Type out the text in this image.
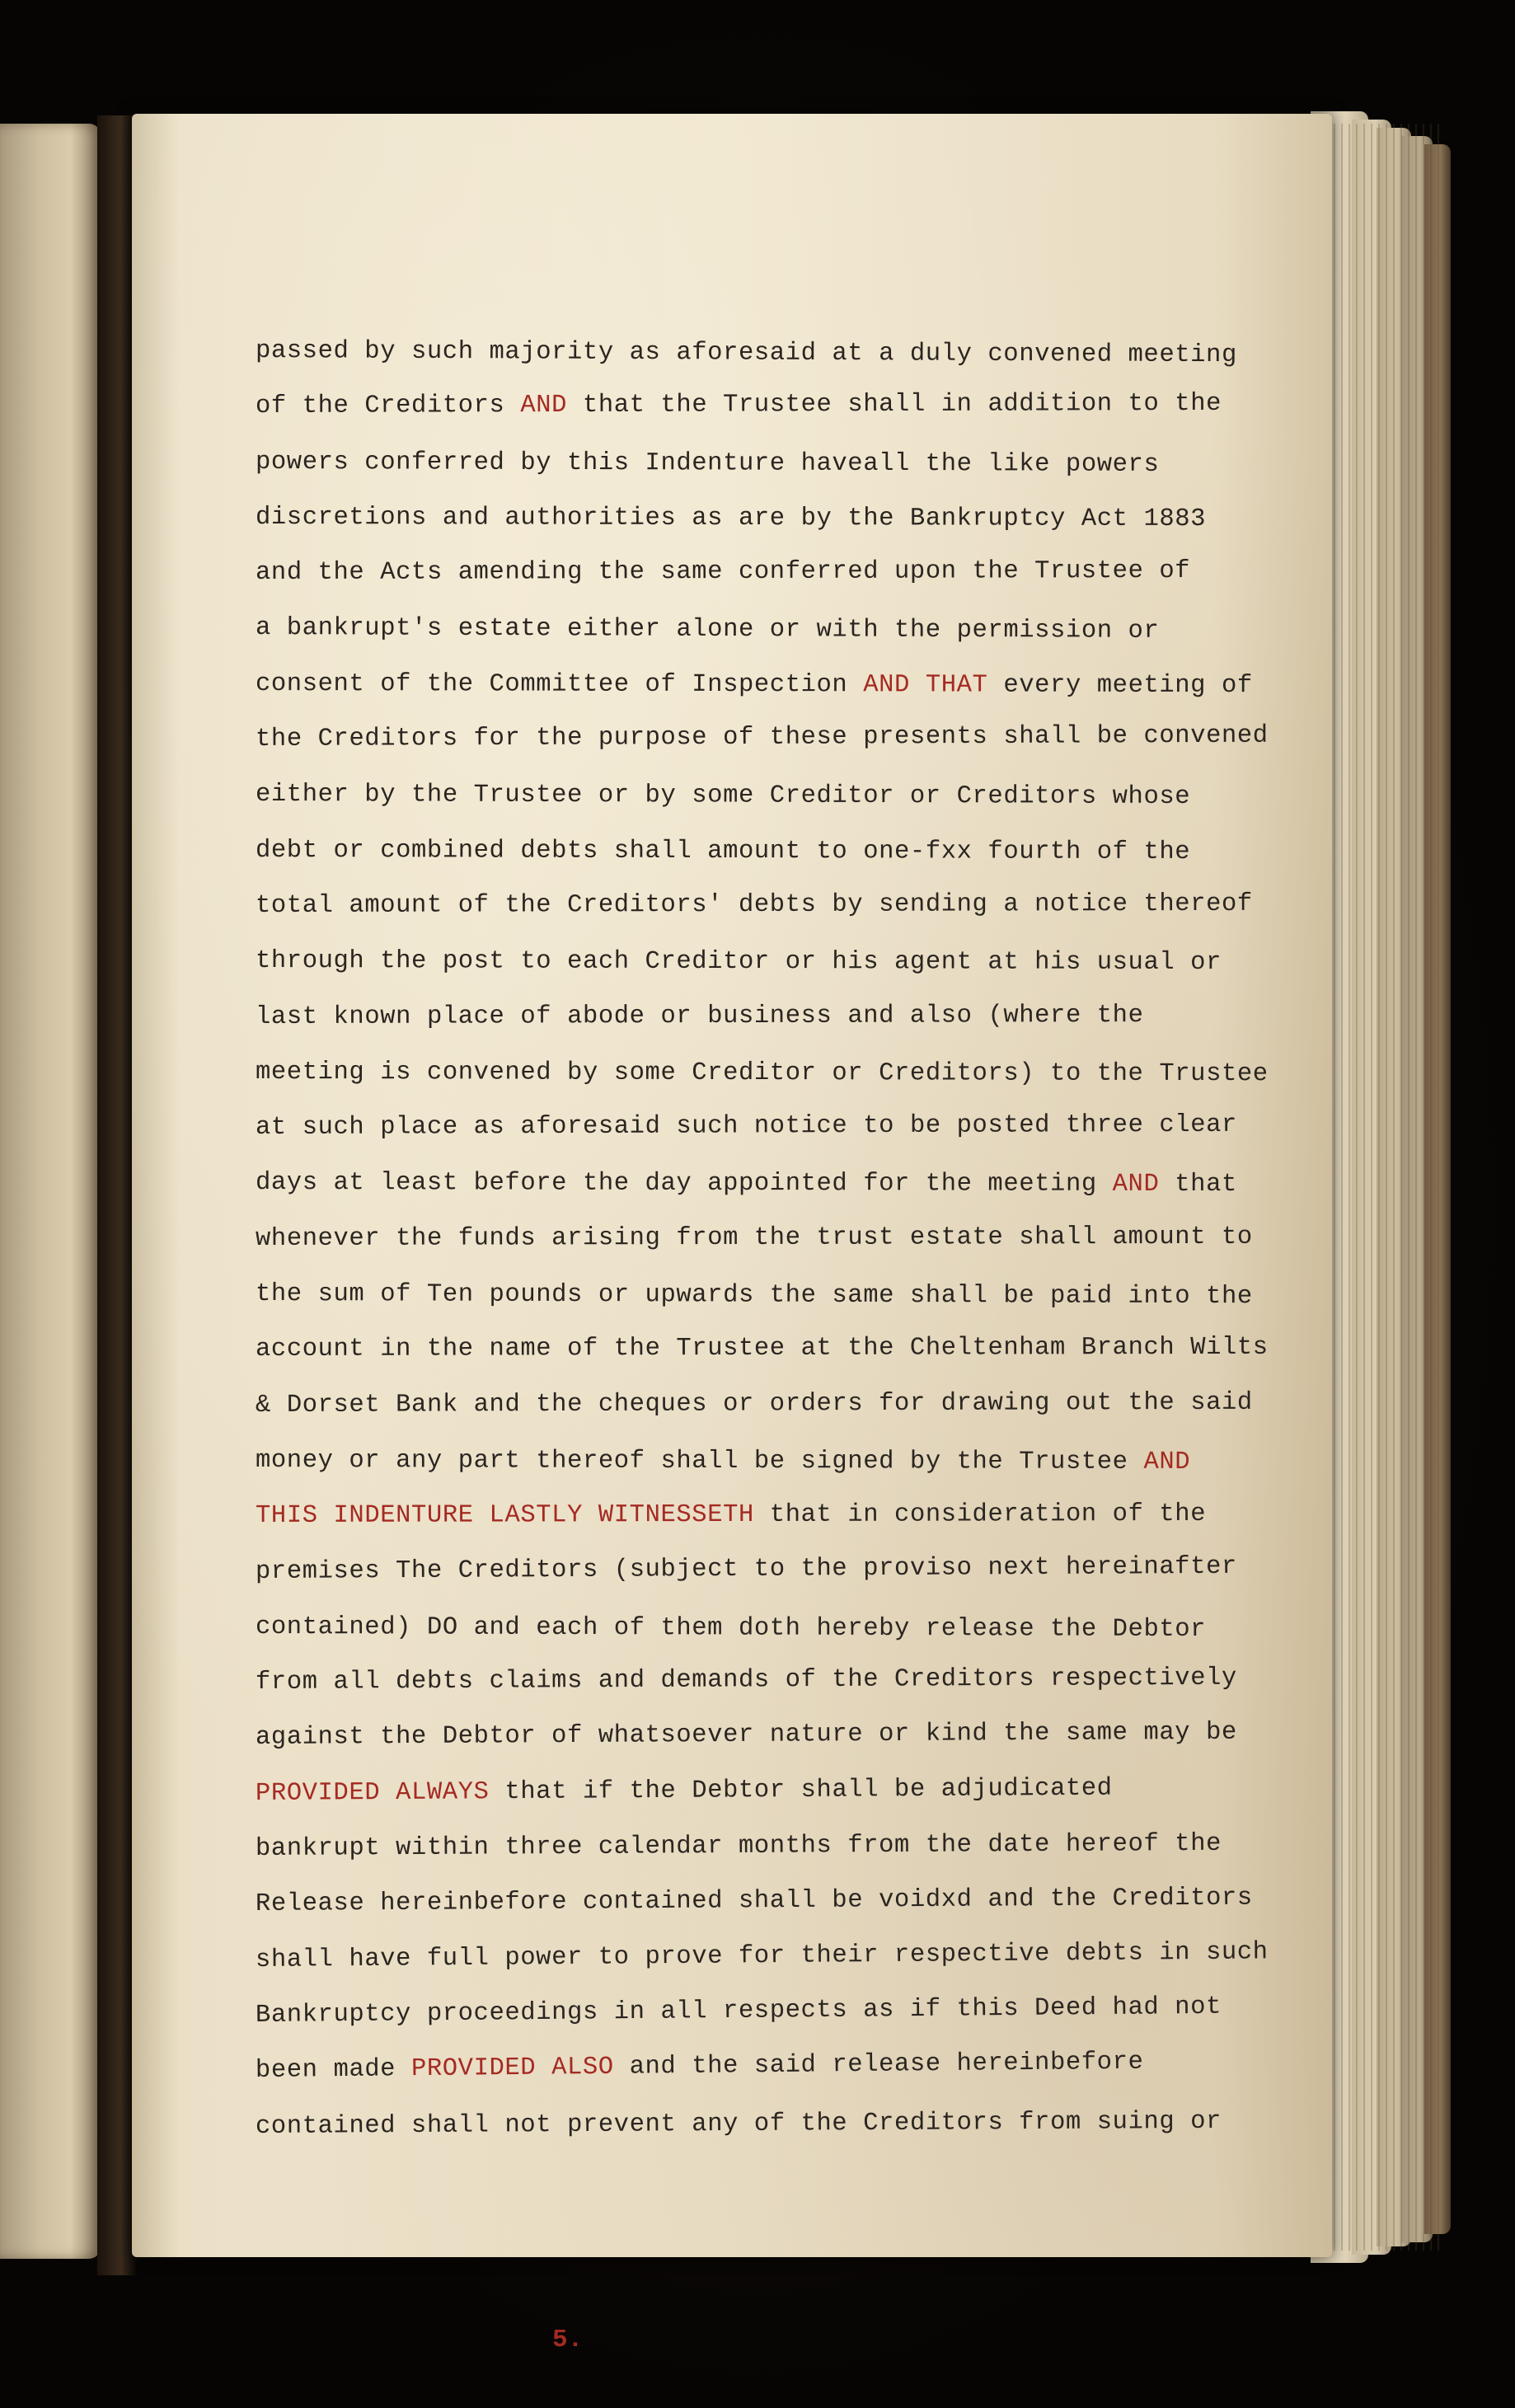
passed by such majority as aforesaid at a duly convened meeting
of the Creditors AND that the Trustee shall in addition to the
powers conferred by this Indenture haveall the like powers
discretions and authorities as are by the Bankruptcy Act 1883
and the Acts amending the same conferred upon the Trustee of
a bankrupt's estate either alone or with the permission or
consent of the Committee of Inspection AND THAT every meeting of
the Creditors for the purpose of these presents shall be convened
either by the Trustee or by some Creditor or Creditors whose
debt or combined debts shall amount to one-fxx fourth of the
total amount of the Creditors' debts by sending a notice thereof
through the post to each Creditor or his agent at his usual or
last known place of abode or business and also (where the
meeting is convened by some Creditor or Creditors) to the Trustee
at such place as aforesaid such notice to be posted three clear
days at least before the day appointed for the meeting AND that
whenever the funds arising from the trust estate shall amount to
the sum of Ten pounds or upwards the same shall be paid into the
account in the name of the Trustee at the Cheltenham Branch Wilts
& Dorset Bank and the cheques or orders for drawing out the said
money or any part thereof shall be signed by the Trustee AND
THIS INDENTURE LASTLY WITNESSETH that in consideration of the
premises The Creditors (subject to the proviso next hereinafter
contained) DO and each of them doth hereby release the Debtor
from all debts claims and demands of the Creditors respectively
against the Debtor of whatsoever nature or kind the same may be
PROVIDED ALWAYS that if the Debtor shall be adjudicated
bankrupt within three calendar months from the date hereof the
Release hereinbefore contained shall be voidxd and the Creditors
shall have full power to prove for their respective debts in such
Bankruptcy proceedings in all respects as if this Deed had not
been made PROVIDED ALSO and the said release hereinbefore
contained shall not prevent any of the Creditors from suing or
5.
